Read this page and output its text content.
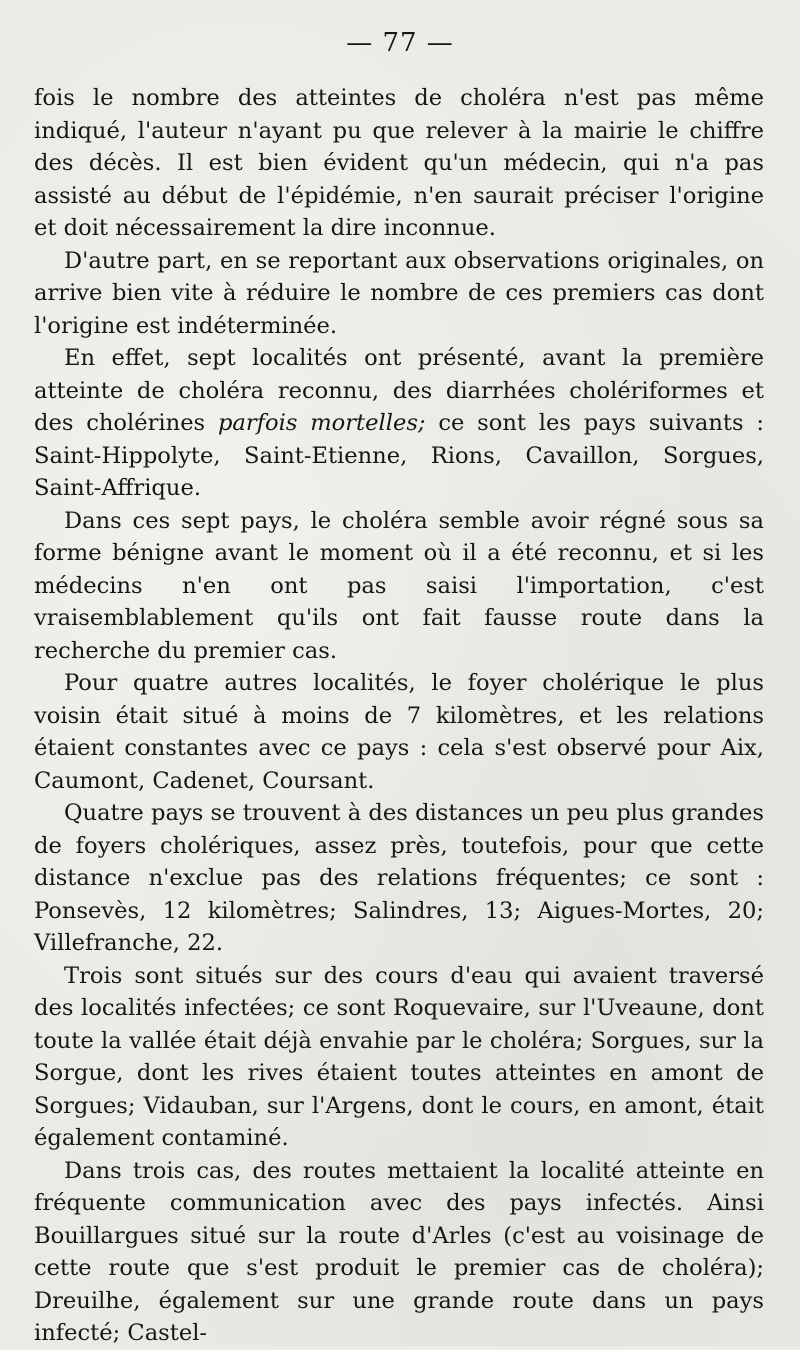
— 77 —

fois le nombre des atteintes de choléra n'est pas même indiqué, l'auteur n'ayant pu que relever à la mairie le chiffre des décès. Il est bien évident qu'un médecin, qui n'a pas assisté au début de l'épidémie, n'en saurait préciser l'origine et doit nécessairement la dire inconnue.

D'autre part, en se reportant aux observations originales, on arrive bien vite à réduire le nombre de ces premiers cas dont l'origine est indéterminée.

En effet, sept localités ont présenté, avant la première atteinte de choléra reconnu, des diarrhées cholériformes et des cholérines parfois mortelles; ce sont les pays suivants : Saint-Hippolyte, Saint-Etienne, Rions, Cavaillon, Sorgues, Saint-Affrique.

Dans ces sept pays, le choléra semble avoir régné sous sa forme bénigne avant le moment où il a été reconnu, et si les médecins n'en ont pas saisi l'importation, c'est vraisemblablement qu'ils ont fait fausse route dans la recherche du premier cas.

Pour quatre autres localités, le foyer cholérique le plus voisin était situé à moins de 7 kilomètres, et les relations étaient constantes avec ce pays : cela s'est observé pour Aix, Caumont, Cadenet, Coursant.

Quatre pays se trouvent à des distances un peu plus grandes de foyers cholériques, assez près, toutefois, pour que cette distance n'exclue pas des relations fréquentes; ce sont : Ponsevès, 12 kilomètres; Salindres, 13; Aigues-Mortes, 20; Villefranche, 22.

Trois sont situés sur des cours d'eau qui avaient traversé des localités infectées; ce sont Roquevaire, sur l'Uveaune, dont toute la vallée était déjà envahie par le choléra; Sorgues, sur la Sorgue, dont les rives étaient toutes atteintes en amont de Sorgues; Vidauban, sur l'Argens, dont le cours, en amont, était également contaminé.

Dans trois cas, des routes mettaient la localité atteinte en fréquente communication avec des pays infectés. Ainsi Bouillargues situé sur la route d'Arles (c'est au voisinage de cette route que s'est produit le premier cas de choléra); Dreuilhe, également sur une grande route dans un pays infecté; Castel-
